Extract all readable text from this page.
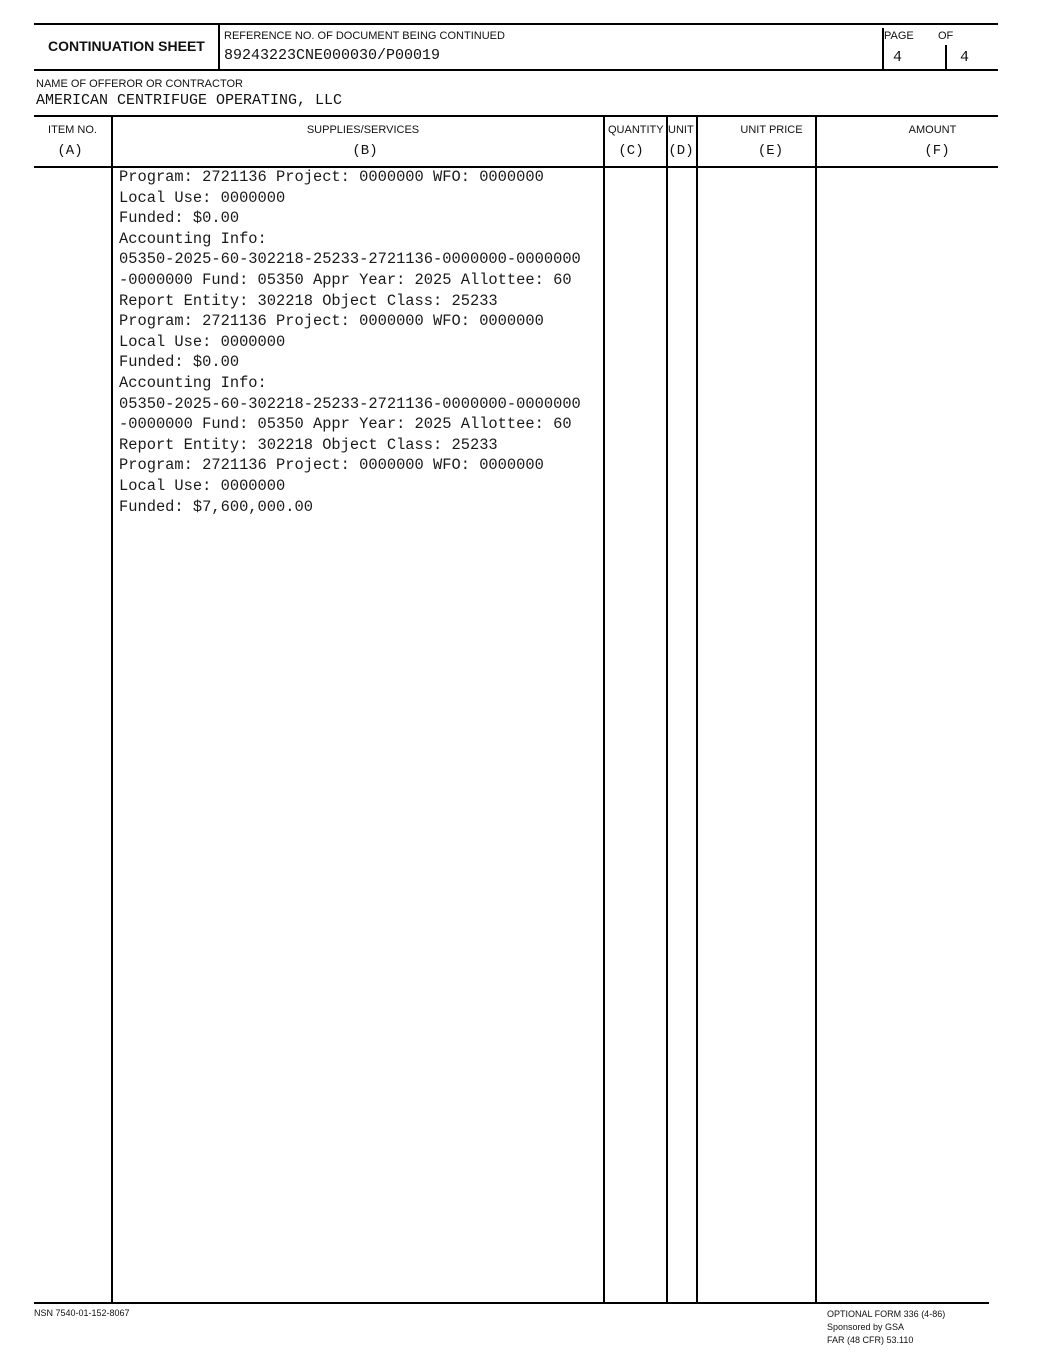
CONTINUATION SHEET
REFERENCE NO. OF DOCUMENT BEING CONTINUED
89243223CNE000030/P00019
PAGE OF
4	4
NAME OF OFFEROR OR CONTRACTOR
AMERICAN CENTRIFUGE OPERATING, LLC
ITEM NO.
(A)
SUPPLIES/SERVICES
(B)
QUANTITY
(C)
UNIT
(D)
UNIT PRICE
(E)
AMOUNT
(F)
Program: 2721136 Project: 0000000 WFO: 0000000
Local Use: 0000000
Funded: $0.00
Accounting Info:
05350-2025-60-302218-25233-2721136-0000000-0000000
-0000000 Fund: 05350 Appr Year: 2025 Allottee: 60
Report Entity: 302218 Object Class: 25233
Program: 2721136 Project: 0000000 WFO: 0000000
Local Use: 0000000
Funded: $0.00
Accounting Info:
05350-2025-60-302218-25233-2721136-0000000-0000000
-0000000 Fund: 05350 Appr Year: 2025 Allottee: 60
Report Entity: 302218 Object Class: 25233
Program: 2721136 Project: 0000000 WFO: 0000000
Local Use: 0000000
Funded: $7,600,000.00
NSN 7540-01-152-8067	OPTIONAL FORM 336 (4-86)
Sponsored by GSA
FAR (48 CFR) 53.110
